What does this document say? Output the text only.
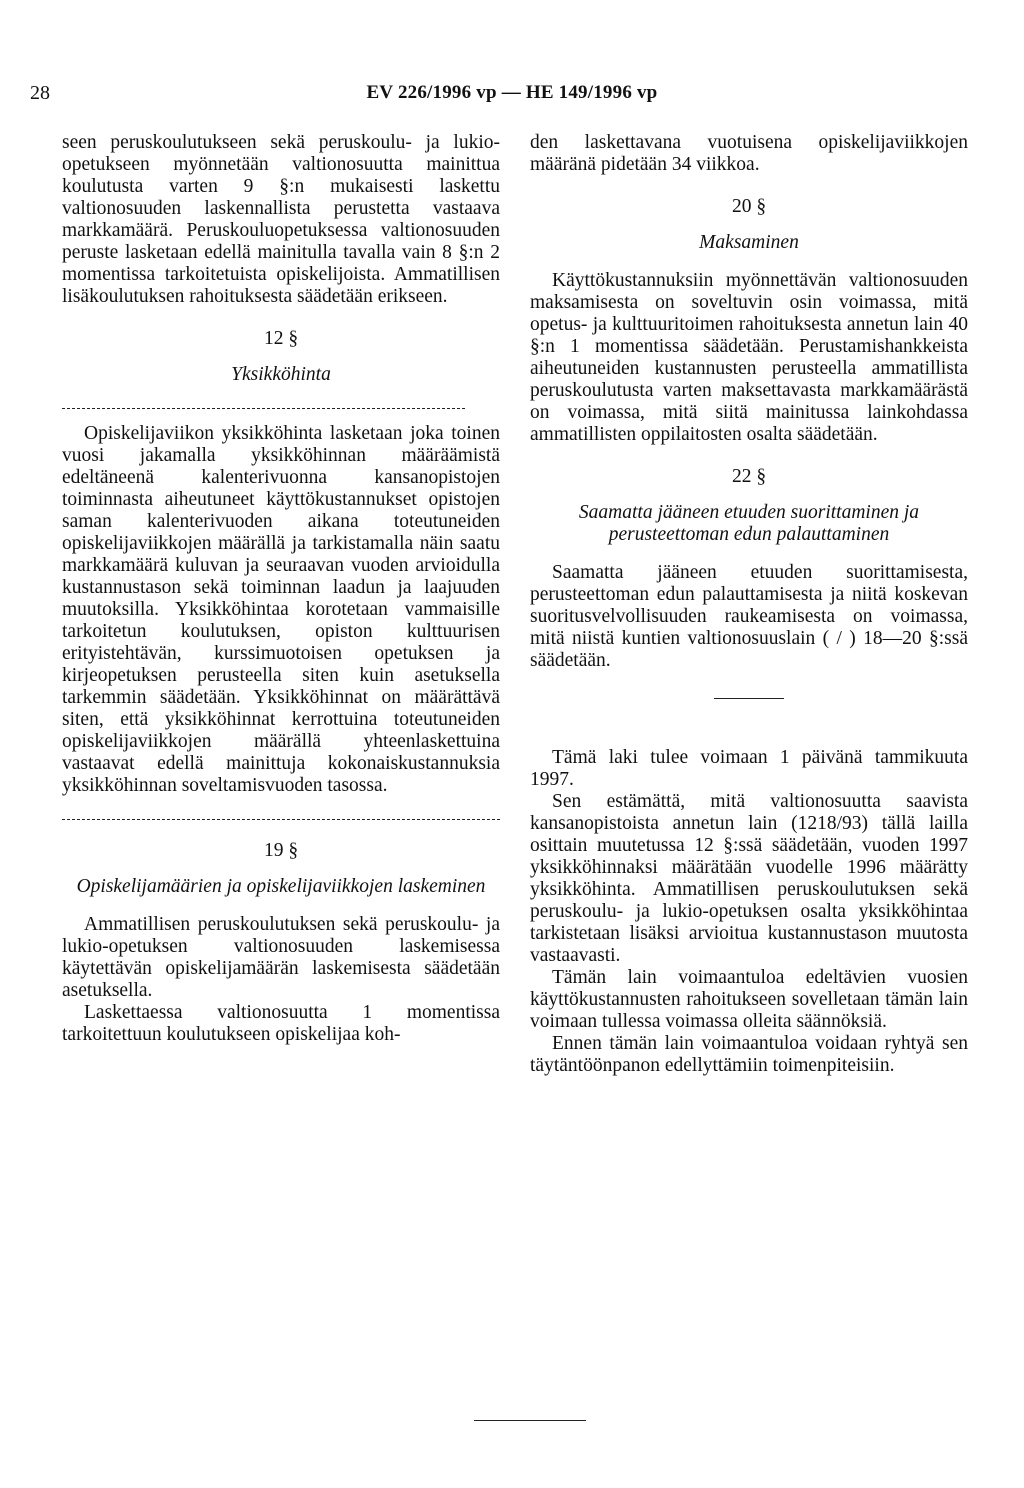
28	EV 226/1996 vp — HE 149/1996 vp

seen peruskoulutukseen sekä peruskoulu- ja lukio-opetukseen myönnetään valtionosuutta mainittua koulutusta varten 9 §:n mukaisesti laskettu valtionosuuden laskennallista perustetta vastaava markkamäärä. Peruskouluopetuksessa valtionosuuden peruste lasketaan edellä mainitulla tavalla vain 8 §:n 2 momentissa tarkoitetuista opiskelijoista. Ammatillisen lisäkoulutuksen rahoituksesta säädetään erikseen.

12 §
Yksikköhinta

Opiskelijaviikon yksikköhinta lasketaan joka toinen vuosi jakamalla yksikköhinnan määräämistä edeltäneenä kalenterivuonna kansanopistojen toiminnasta aiheutuneet käyttökustannukset opistojen saman kalenterivuoden aikana toteutuneiden opiskelijaviikkojen määrällä ja tarkistamalla näin saatu markkamäärä kuluvan ja seuraavan vuoden arvioidulla kustannustason sekä toiminnan laadun ja laajuuden muutoksilla. Yksikköhintaa korotetaan vammaisille tarkoitetun koulutuksen, opiston kulttuurisen erityistehtävän, kurssimuotoisen opetuksen ja kirjeopetuksen perusteella siten kuin asetuksella tarkemmin säädetään. Yksikköhinnat on määrättävä siten, että yksikköhinnat kerrottuina toteutuneiden opiskelijaviikkojen määrällä yhteenlaskettuina vastaavat edellä mainittuja kokonaiskustannuksia yksikköhinnan soveltamisvuoden tasossa.

19 §
Opiskelijamäärien ja opiskelijaviikkojen laskeminen

Ammatillisen peruskoulutuksen sekä peruskoulu- ja lukio-opetuksen valtionosuuden laskemisessa käytettävän opiskelijamäärän laskemisesta säädetään asetuksella.

Laskettaessa valtionosuutta 1 momentissa tarkoitettuun koulutukseen opiskelijaa koh-

den laskettavana vuotuisena opiskelijaviikkojen määränä pidetään 34 viikkoa.

20 §
Maksaminen

Käyttökustannuksiin myönnettävän valtionosuuden maksamisesta on soveltuvin osin voimassa, mitä opetus- ja kulttuuritoimen rahoituksesta annetun lain 40 §:n 1 momentissa säädetään. Perustamishankkeista aiheutuneiden kustannusten perusteella ammatillista peruskoulutusta varten maksettavasta markkamäärästä on voimassa, mitä siitä mainitussa lainkohdassa ammatillisten oppilaitosten osalta säädetään.

22 §
Saamatta jääneen etuuden suorittaminen ja perusteettoman edun palauttaminen

Saamatta jääneen etuuden suorittamisesta, perusteettoman edun palauttamisesta ja niitä koskevan suoritusvelvollisuuden raukeamisesta on voimassa, mitä niistä kuntien valtionosuuslain ( / ) 18—20 §:ssä säädetään.

Tämä laki tulee voimaan 1 päivänä tammikuuta 1997.

Sen estämättä, mitä valtionosuutta saavista kansanopistoista annetun lain (1218/93) tällä lailla osittain muutetussa 12 §:ssä säädetään, vuoden 1997 yksikköhinnaksi määrätään vuodelle 1996 määrätty yksikköhinta. Ammatillisen peruskoulutuksen sekä peruskoulu- ja lukio-opetuksen osalta yksikköhintaa tarkistetaan lisäksi arvioitua kustannustason muutosta vastaavasti.

Tämän lain voimaantuloa edeltävien vuosien käyttökustannusten rahoitukseen sovelletaan tämän lain voimaan tullessa voimassa olleita säännöksiä.

Ennen tämän lain voimaantuloa voidaan ryhtyä sen täytäntöönpanon edellyttämiin toimenpiteisiin.
